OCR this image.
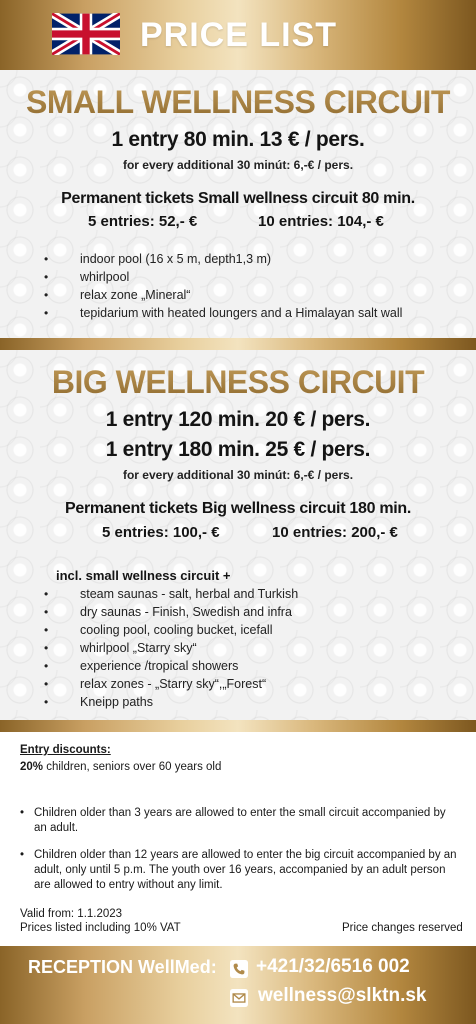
PRICE LIST
SMALL WELLNESS CIRCUIT
1 entry 80 min. 13 € / pers.
for every additional 30 minút: 6,-€ / pers.
Permanent tickets Small wellness circuit 80 min.
5 entries: 52,- €	10 entries: 104,- €
• indoor pool (16 x 5 m, depth1,3 m)
• whirlpool
• relax zone „Mineral“
• tepidarium with heated loungers and a Himalayan salt wall
BIG WELLNESS CIRCUIT
1 entry 120 min. 20 € / pers.
1 entry 180 min. 25 € / pers.
for every additional 30 minút: 6,-€ / pers.
Permanent tickets Big wellness circuit 180 min.
5 entries: 100,- €	10 entries: 200,- €
incl. small wellness circuit +
• steam saunas - salt, herbal and Turkish
• dry saunas - Finish, Swedish and infra
• cooling pool, cooling bucket, icefall
• whirlpool „Starry sky“
• experience /tropical showers
• relax zones - „Starry sky“,„Forest“
• Kneipp paths
Entry discounts:
20% children, seniors over 60 years old
• Children older than 3 years are allowed to enter the small circuit accompanied by an adult.
• Children older than 12 years are allowed to enter the big circuit accompanied by an adult, only until 5 p.m. The youth over 16 years, accompanied by an adult person are allowed to entry without any limit.
Valid from: 1.1.2023
Prices listed including 10% VAT	Price changes reserved
RECEPTION WellMed: +421/32/6516 002
wellness@slktn.sk
